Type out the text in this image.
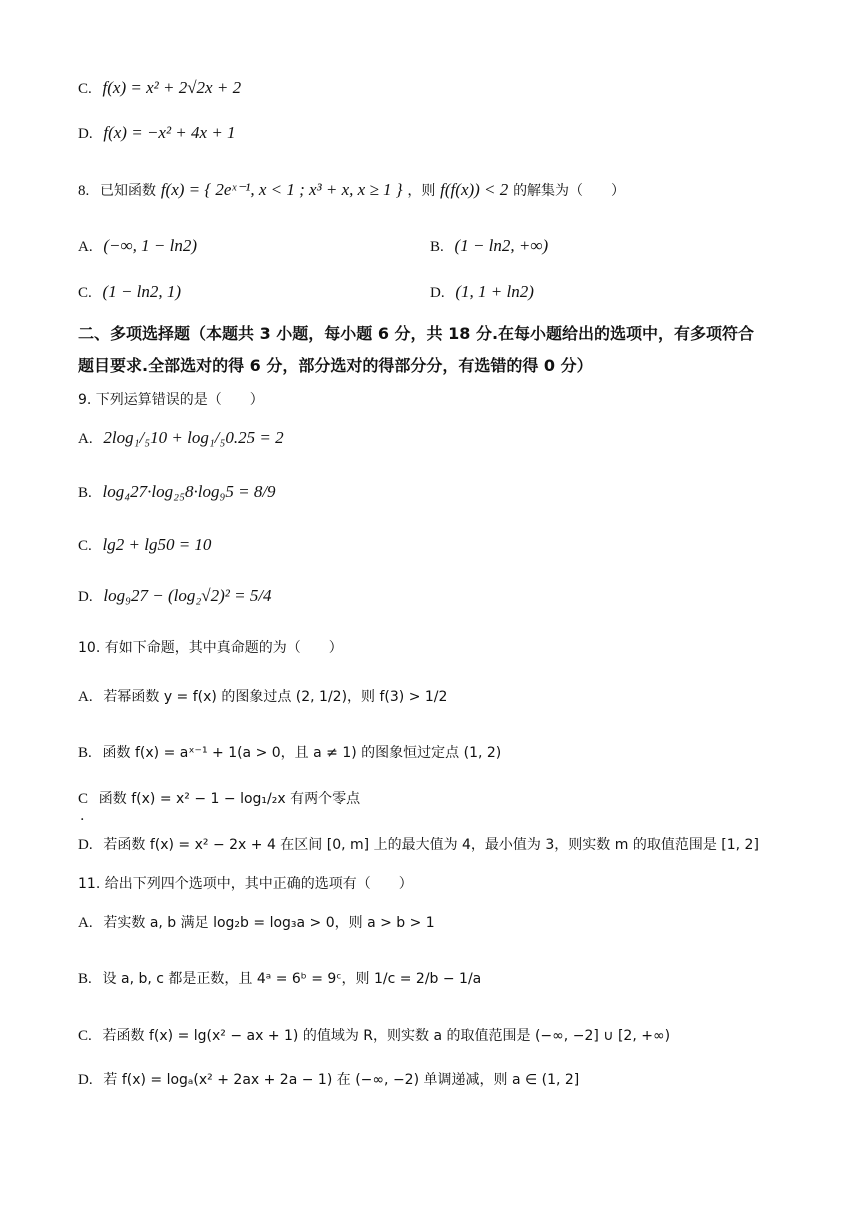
C. f(x) = x² + 2√2x + 2
D. f(x) = −x² + 4x + 1
8. 已知函数 f(x) = { 2eˣ⁻¹, x < 1 ; x³ + x, x ≥ 1 } ，则 f(f(x)) < 2 的解集为（　　）
A. (−∞, 1 − ln2)	B. (1 − ln2, +∞)
C. (1 − ln2, 1)	D. (1, 1 + ln2)
二、多项选择题（本题共 3 小题，每小题 6 分，共 18 分.在每小题给出的选项中，有多项符合
题目要求.全部选对的得 6 分，部分选对的得部分分，有选错的得 0 分）
9. 下列运算错误的是（　　）
A. 2log₁/₅10 + log₁/₅0.25 = 2
B. log₄27·log₂₅8·log₉5 = 8/9
C. lg2 + lg50 = 10
D. log₉27 − (log₂√2)² = 5/4
10. 有如下命题，其中真命题的为（　　）
A. 若幂函数 y = f(x) 的图象过点 (2, 1/2)，则 f(3) > 1/2
B. 函数 f(x) = aˣ⁻¹ + 1(a > 0，且 a ≠ 1) 的图象恒过定点 (1, 2)
C 函数 f(x) = x² − 1 − log₁/₂x 有两个零点
.
D. 若函数 f(x) = x² − 2x + 4 在区间 [0, m] 上的最大值为 4，最小值为 3，则实数 m 的取值范围是 [1, 2]
11. 给出下列四个选项中，其中正确的选项有（　　）
A. 若实数 a, b 满足 log₂b = log₃a > 0，则 a > b > 1
B. 设 a, b, c 都是正数，且 4ᵃ = 6ᵇ = 9ᶜ，则 1/c = 2/b − 1/a
C. 若函数 f(x) = lg(x² − ax + 1) 的值域为 R，则实数 a 的取值范围是 (−∞, −2] ∪ [2, +∞)
D. 若 f(x) = logₐ(x² + 2ax + 2a − 1) 在 (−∞, −2) 单调递减，则 a ∈ (1, 2]
